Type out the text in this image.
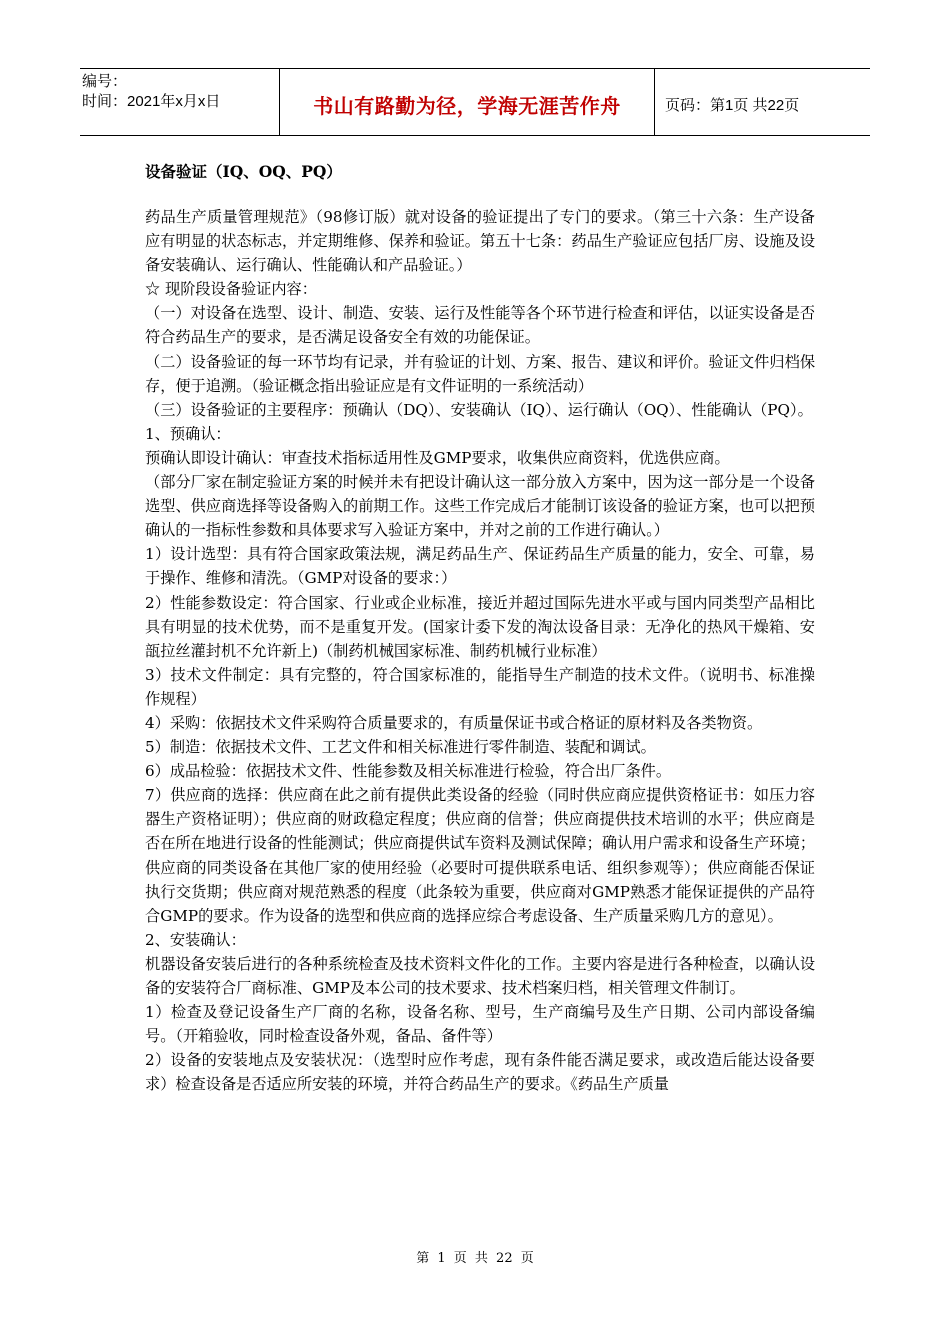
编号：
时间：2021年x月x日	书山有路勤为径，学海无涯苦作舟	页码：第1页 共22页
设备验证（IQ、OQ、PQ）

药品生产质量管理规范》（98修订版）就对设备的验证提出了专门的要求。（第三十六条：生产设备应有明显的状态标志，并定期维修、保养和验证。第五十七条：药品生产验证应包括厂房、设施及设备安装确认、运行确认、性能确认和产品验证。）

☆ 现阶段设备验证内容：

（一）对设备在选型、设计、制造、安装、运行及性能等各个环节进行检查和评估，以证实设备是否符合药品生产的要求，是否满足设备安全有效的功能保证。

（二）设备验证的每一环节均有记录，并有验证的计划、方案、报告、建议和评价。验证文件归档保存，便于追溯。（验证概念指出验证应是有文件证明的一系统活动）

（三）设备验证的主要程序：预确认（DQ）、安装确认（IQ）、运行确认（OQ）、性能确认（PQ）。

1、预确认：

预确认即设计确认：审查技术指标适用性及GMP要求，收集供应商资料，优选供应商。

（部分厂家在制定验证方案的时候并未有把设计确认这一部分放入方案中，因为这一部分是一个设备选型、供应商选择等设备购入的前期工作。这些工作完成后才能制订该设备的验证方案，也可以把预确认的一指标性参数和具体要求写入验证方案中，并对之前的工作进行确认。）

1）设计选型：具有符合国家政策法规，满足药品生产、保证药品生产质量的能力，安全、可靠，易于操作、维修和清洗。（GMP对设备的要求：）

2）性能参数设定：符合国家、行业或企业标准，接近并超过国际先进水平或与国内同类型产品相比具有明显的技术优势，而不是重复开发。(国家计委下发的淘汰设备目录：无净化的热风干燥箱、安瓿拉丝灌封机不允许新上)（制药机械国家标准、制药机械行业标准）

3）技术文件制定：具有完整的，符合国家标准的，能指导生产制造的技术文件。（说明书、标准操作规程）

4）采购：依据技术文件采购符合质量要求的，有质量保证书或合格证的原材料及各类物资。

5）制造：依据技术文件、工艺文件和相关标准进行零件制造、装配和调试。

6）成品检验：依据技术文件、性能参数及相关标准进行检验，符合出厂条件。

7）供应商的选择：供应商在此之前有提供此类设备的经验（同时供应商应提供资格证书：如压力容器生产资格证明）；供应商的财政稳定程度；供应商的信誉；供应商提供技术培训的水平；供应商是否在所在地进行设备的性能测试；供应商提供试车资料及测试保障；确认用户需求和设备生产环境；供应商的同类设备在其他厂家的使用经验（必要时可提供联系电话、组织参观等）；供应商能否保证执行交货期；供应商对规范熟悉的程度（此条较为重要，供应商对GMP熟悉才能保证提供的产品符合GMP的要求。作为设备的选型和供应商的选择应综合考虑设备、生产质量采购几方的意见）。

2、安装确认：

机器设备安装后进行的各种系统检查及技术资料文件化的工作。主要内容是进行各种检查，以确认设备的安装符合厂商标准、GMP及本公司的技术要求、技术档案归档，相关管理文件制订。

1）检查及登记设备生产厂商的名称，设备名称、型号，生产商编号及生产日期、公司内部设备编号。（开箱验收，同时检查设备外观，备品、备件等）

2）设备的安装地点及安装状况：（选型时应作考虑，现有条件能否满足要求，或改造后能达设备要求）检查设备是否适应所安装的环境，并符合药品生产的要求。《药品生产质量

第 1 页 共 22 页
